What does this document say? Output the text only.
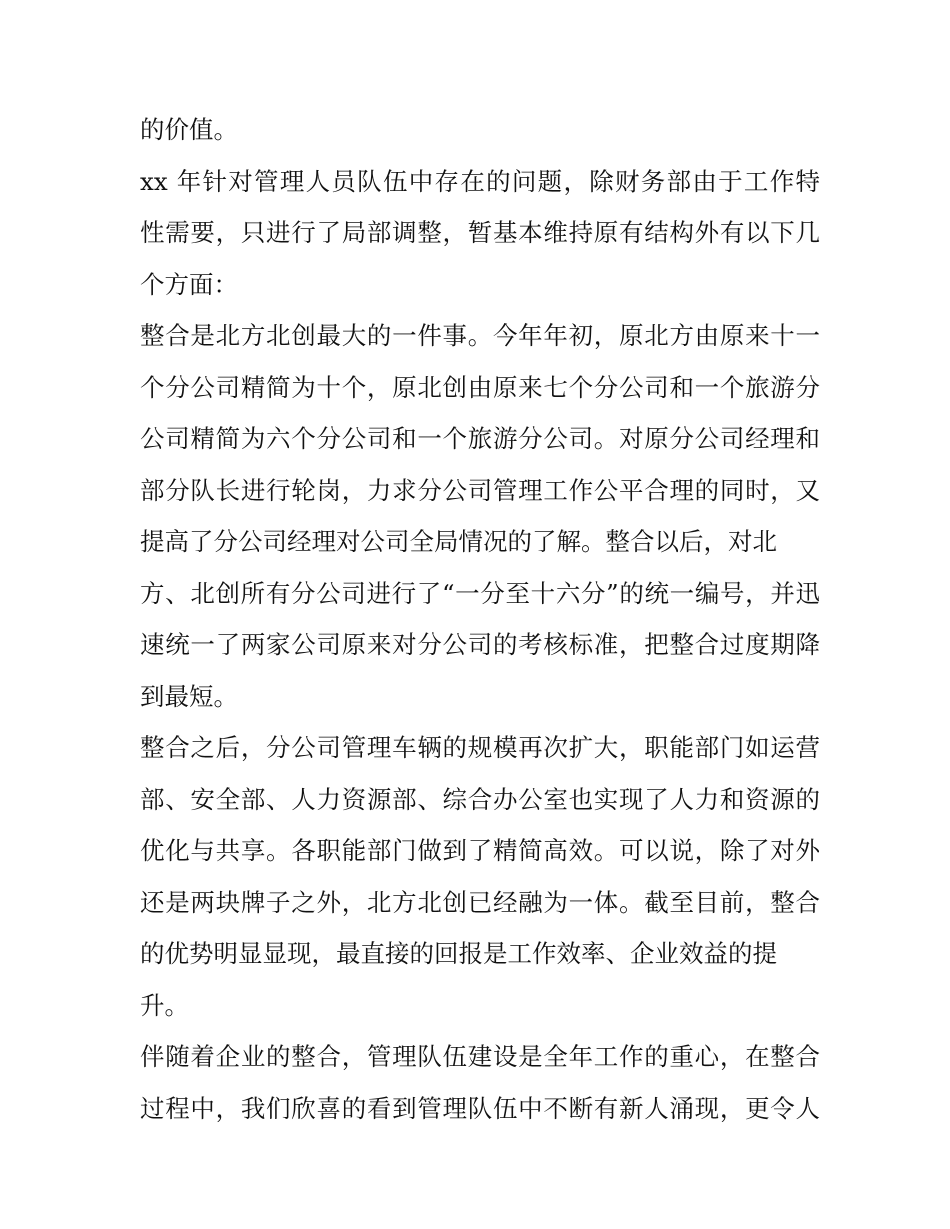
的价值。
xx 年针对管理人员队伍中存在的问题，除财务部由于工作特
性需要，只进行了局部调整，暂基本维持原有结构外有以下几
个方面：
整合是北方北创最大的一件事。今年年初，原北方由原来十一
个分公司精简为十个，原北创由原来七个分公司和一个旅游分
公司精简为六个分公司和一个旅游分公司。对原分公司经理和
部分队长进行轮岗，力求分公司管理工作公平合理的同时，又
提高了分公司经理对公司全局情况的了解。整合以后，对北
方、北创所有分公司进行了“一分至十六分”的统一编号，并迅
速统一了两家公司原来对分公司的考核标准，把整合过度期降
到最短。
整合之后，分公司管理车辆的规模再次扩大，职能部门如运营
部、安全部、人力资源部、综合办公室也实现了人力和资源的
优化与共享。各职能部门做到了精简高效。可以说，除了对外
还是两块牌子之外，北方北创已经融为一体。截至目前，整合
的优势明显显现，最直接的回报是工作效率、企业效益的提
升。
伴随着企业的整合，管理队伍建设是全年工作的重心，在整合
过程中，我们欣喜的看到管理队伍中不断有新人涌现，更令人
